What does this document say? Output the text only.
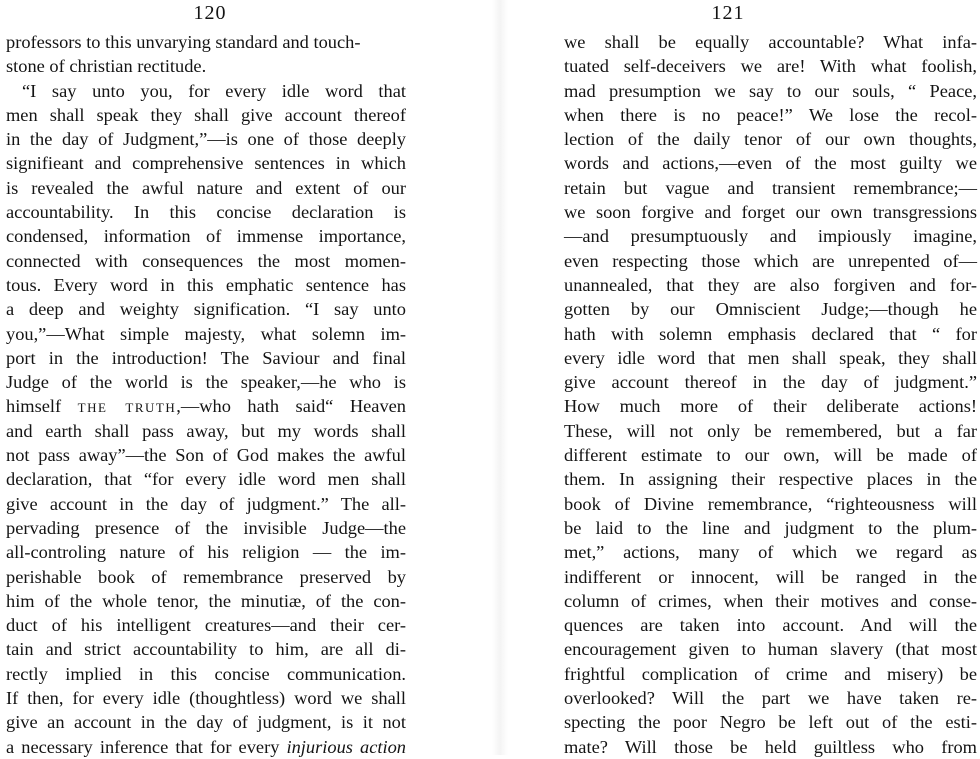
120
professors to this unvarying standard and touch-
stone of christian rectitude.
“I say unto you, for every idle word that
men shall speak they shall give account thereof
in the day of Judgment,”—is one of those deeply
signifieant and comprehensive sentences in which
is revealed the awful nature and extent of our
accountability. In this concise declaration is
condensed, information of immense importance,
connected with consequences the most momen-
tous. Every word in this emphatic sentence has
a deep and weighty signification. “I say unto
you,”—What simple majesty, what solemn im-
port in the introduction! The Saviour and final
Judge of the world is the speaker,—he who is
himself the truth,—who hath said“ Heaven
and earth shall pass away, but my words shall
not pass away”—the Son of God makes the awful
declaration, that “for every idle word men shall
give account in the day of judgment.” The all-
pervading presence of the invisible Judge—the
all-controling nature of his religion — the im-
perishable book of remembrance preserved by
him of the whole tenor, the minutiæ, of the con-
duct of his intelligent creatures—and their cer-
tain and strict accountability to him, are all di-
rectly implied in this concise communication.
If then, for every idle (thoughtless) word we shall
give an account in the day of judgment, is it not
a necessary inference that for every injurious action
121
we shall be equally accountable? What infa-
tuated self-deceivers we are! With what foolish,
mad presumption we say to our souls, “ Peace,
when there is no peace!” We lose the recol-
lection of the daily tenor of our own thoughts,
words and actions,—even of the most guilty we
retain but vague and transient remembrance;—
we soon forgive and forget our own transgressions
—and presumptuously and impiously imagine,
even respecting those which are unrepented of—
unannealed, that they are also forgiven and for-
gotten by our Omniscient Judge;—though he
hath with solemn emphasis declared that “ for
every idle word that men shall speak, they shall
give account thereof in the day of judgment.”
How much more of their deliberate actions!
These, will not only be remembered, but a far
different estimate to our own, will be made of
them. In assigning their respective places in the
book of Divine remembrance, “righteousness will
be laid to the line and judgment to the plum-
met,” actions, many of which we regard as
indifferent or innocent, will be ranged in the
column of crimes, when their motives and conse-
quences are taken into account. And will the
encouragement given to human slavery (that most
frightful complication of crime and misery) be
overlooked? Will the part we have taken re-
specting the poor Negro be left out of the esti-
mate? Will those be held guiltless who from
